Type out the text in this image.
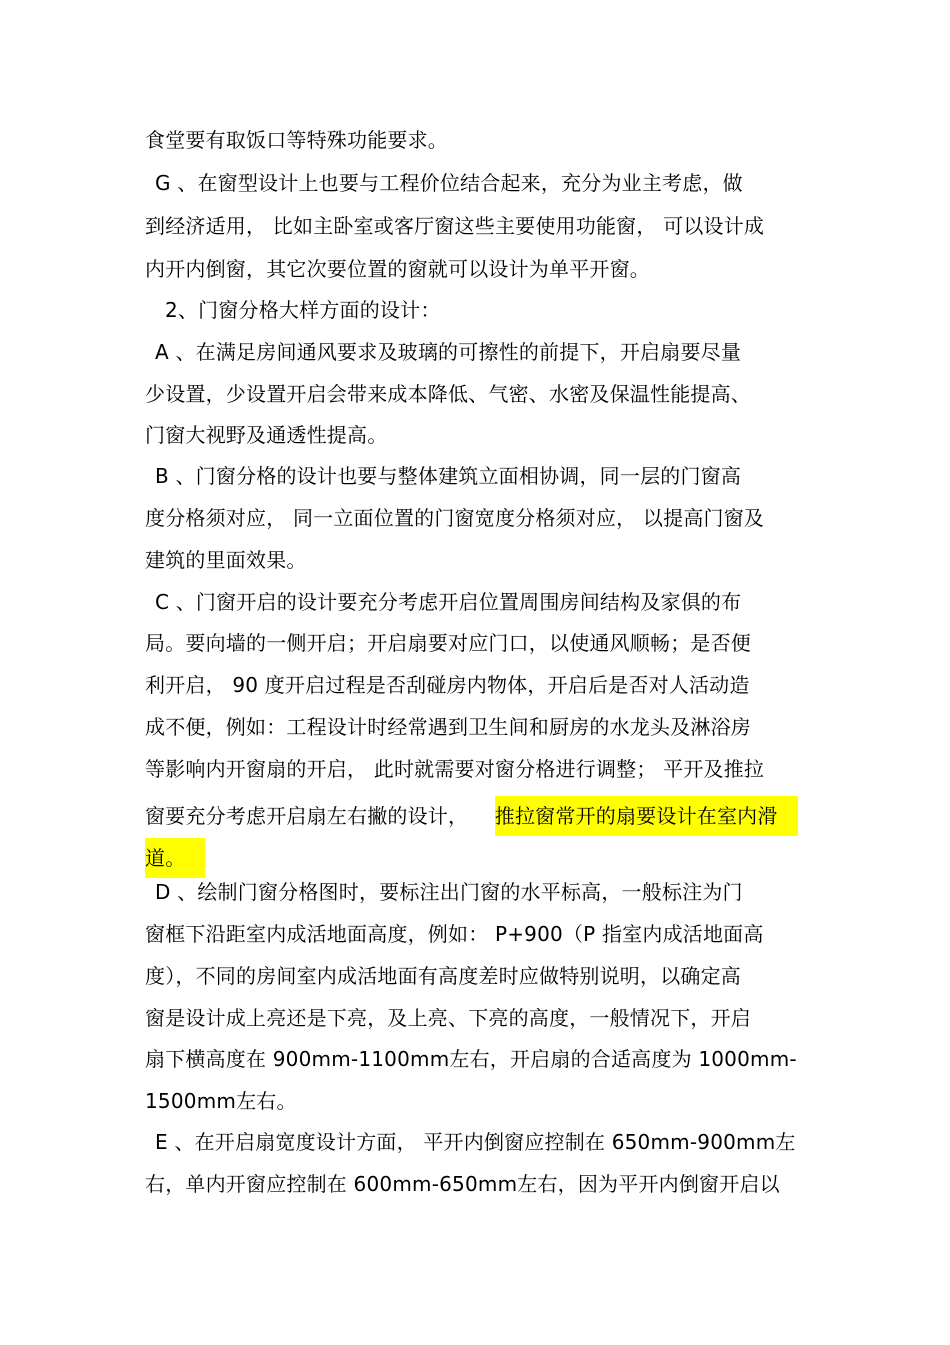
食堂要有取饭口等特殊功能要求。
G 、在窗型设计上也要与工程价位结合起来，充分为业主考虑，做
到经济适用， 比如主卧室或客厅窗这些主要使用功能窗， 可以设计成
内开内倒窗，其它次要位置的窗就可以设计为单平开窗。
2、门窗分格大样方面的设计：
A 、在满足房间通风要求及玻璃的可擦性的前提下，开启扇要尽量
少设置，少设置开启会带来成本降低、气密、水密及保温性能提高、
门窗大视野及通透性提高。
B 、门窗分格的设计也要与整体建筑立面相协调，同一层的门窗高
度分格须对应， 同一立面位置的门窗宽度分格须对应， 以提高门窗及
建筑的里面效果。
C 、门窗开启的设计要充分考虑开启位置周围房间结构及家俱的布
局。要向墙的一侧开启；开启扇要对应门口，以使通风顺畅；是否便
利开启， 90 度开启过程是否刮碰房内物体，开启后是否对人活动造
成不便，例如：工程设计时经常遇到卫生间和厨房的水龙头及淋浴房
等影响内开窗扇的开启， 此时就需要对窗分格进行调整； 平开及推拉
窗要充分考虑开启扇左右撇的设计， 推拉窗常开的扇要设计在室内滑
道。
D 、绘制门窗分格图时，要标注出门窗的水平标高，一般标注为门
窗框下沿距室内成活地面高度，例如： P+900（P 指室内成活地面高
度），不同的房间室内成活地面有高度差时应做特别说明，以确定高
窗是设计成上亮还是下亮，及上亮、下亮的高度，一般情况下，开启
扇下横高度在 900mm-1100mm左右，开启扇的合适高度为 1000mm-
1500mm左右。
E 、在开启扇宽度设计方面， 平开内倒窗应控制在 650mm-900mm左
右，单内开窗应控制在 600mm-650mm左右，因为平开内倒窗开启以
